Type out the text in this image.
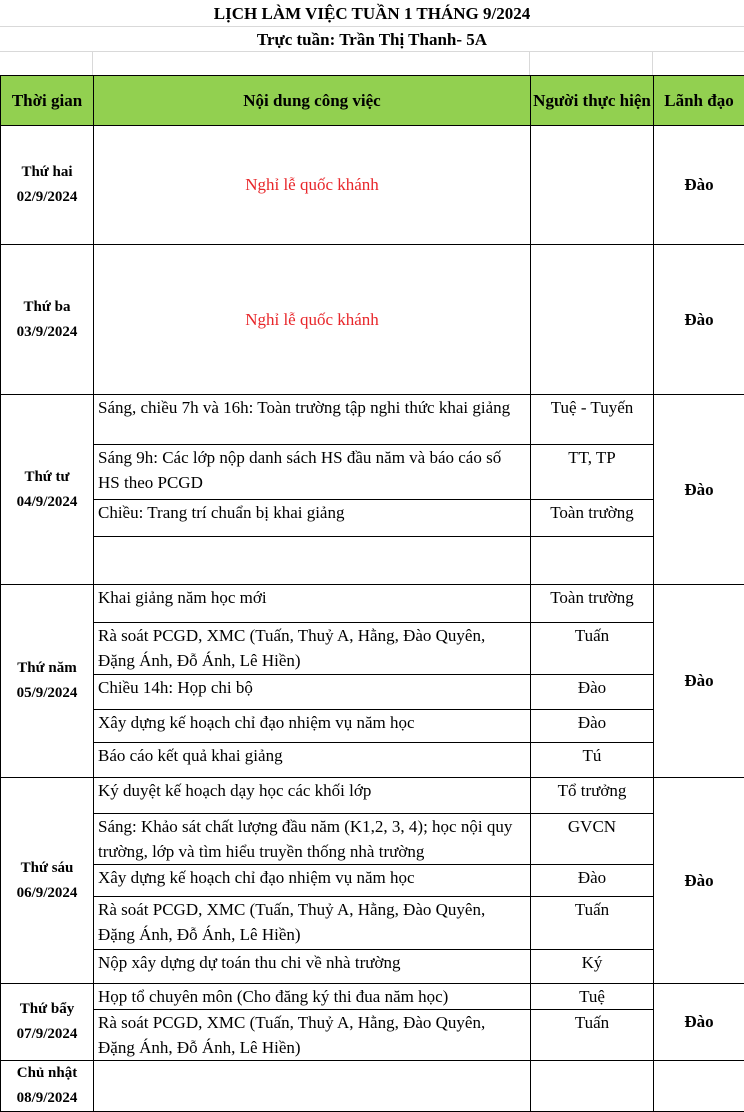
LỊCH LÀM VIỆC TUẦN 1 THÁNG 9/2024
Trực tuần: Trần Thị Thanh- 5A
Thời gian	Nội dung công việc	Người thực hiện	Lãnh đạo

Thứ hai
02/9/2024	Nghỉ lễ quốc khánh		Đào

Thứ ba
03/9/2024	Nghỉ lễ quốc khánh		Đào

Thứ tư
04/9/2024	Sáng, chiều 7h và 16h: Toàn trường tập nghi thức khai giảng	Tuệ - Tuyến	Đào
	Sáng 9h: Các lớp nộp danh sách HS đầu năm và báo cáo số HS theo PCGD	TT, TP	
	Chiều: Trang trí chuẩn bị khai giảng	Toàn trường	

Thứ năm
05/9/2024	Khai giảng năm học mới	Toàn trường	Đào
	Rà soát PCGD, XMC (Tuấn, Thuỷ A, Hằng, Đào Quyên, Đặng Ánh, Đỗ Ánh, Lê Hiền)	Tuấn	
	Chiều 14h: Họp chi bộ	Đào	
	Xây dựng kế hoạch chỉ đạo nhiệm vụ năm học	Đào	
	Báo cáo kết quả khai giảng	Tú	

Thứ sáu
06/9/2024	Ký duyệt kế hoạch dạy học các khối lớp	Tổ trưởng	Đào
	Sáng: Khảo sát chất lượng đầu năm (K1,2, 3, 4); học nội quy trường, lớp và tìm hiểu truyền thống nhà trường	GVCN	
	Xây dựng kế hoạch chỉ đạo nhiệm vụ năm học	Đào	
	Rà soát PCGD, XMC (Tuấn, Thuỷ A, Hằng, Đào Quyên, Đặng Ánh, Đỗ Ánh, Lê Hiền)	Tuấn	
	Nộp xây dựng dự toán thu chi về nhà trường	Ký	

Thứ bẩy
07/9/2024	Họp tổ chuyên môn (Cho đăng ký thi đua năm học)	Tuệ	Đào
	Rà soát PCGD, XMC (Tuấn, Thuỷ A, Hằng, Đào Quyên, Đặng Ánh, Đỗ Ánh, Lê Hiền)	Tuấn	

Chủ nhật
08/9/2024			
